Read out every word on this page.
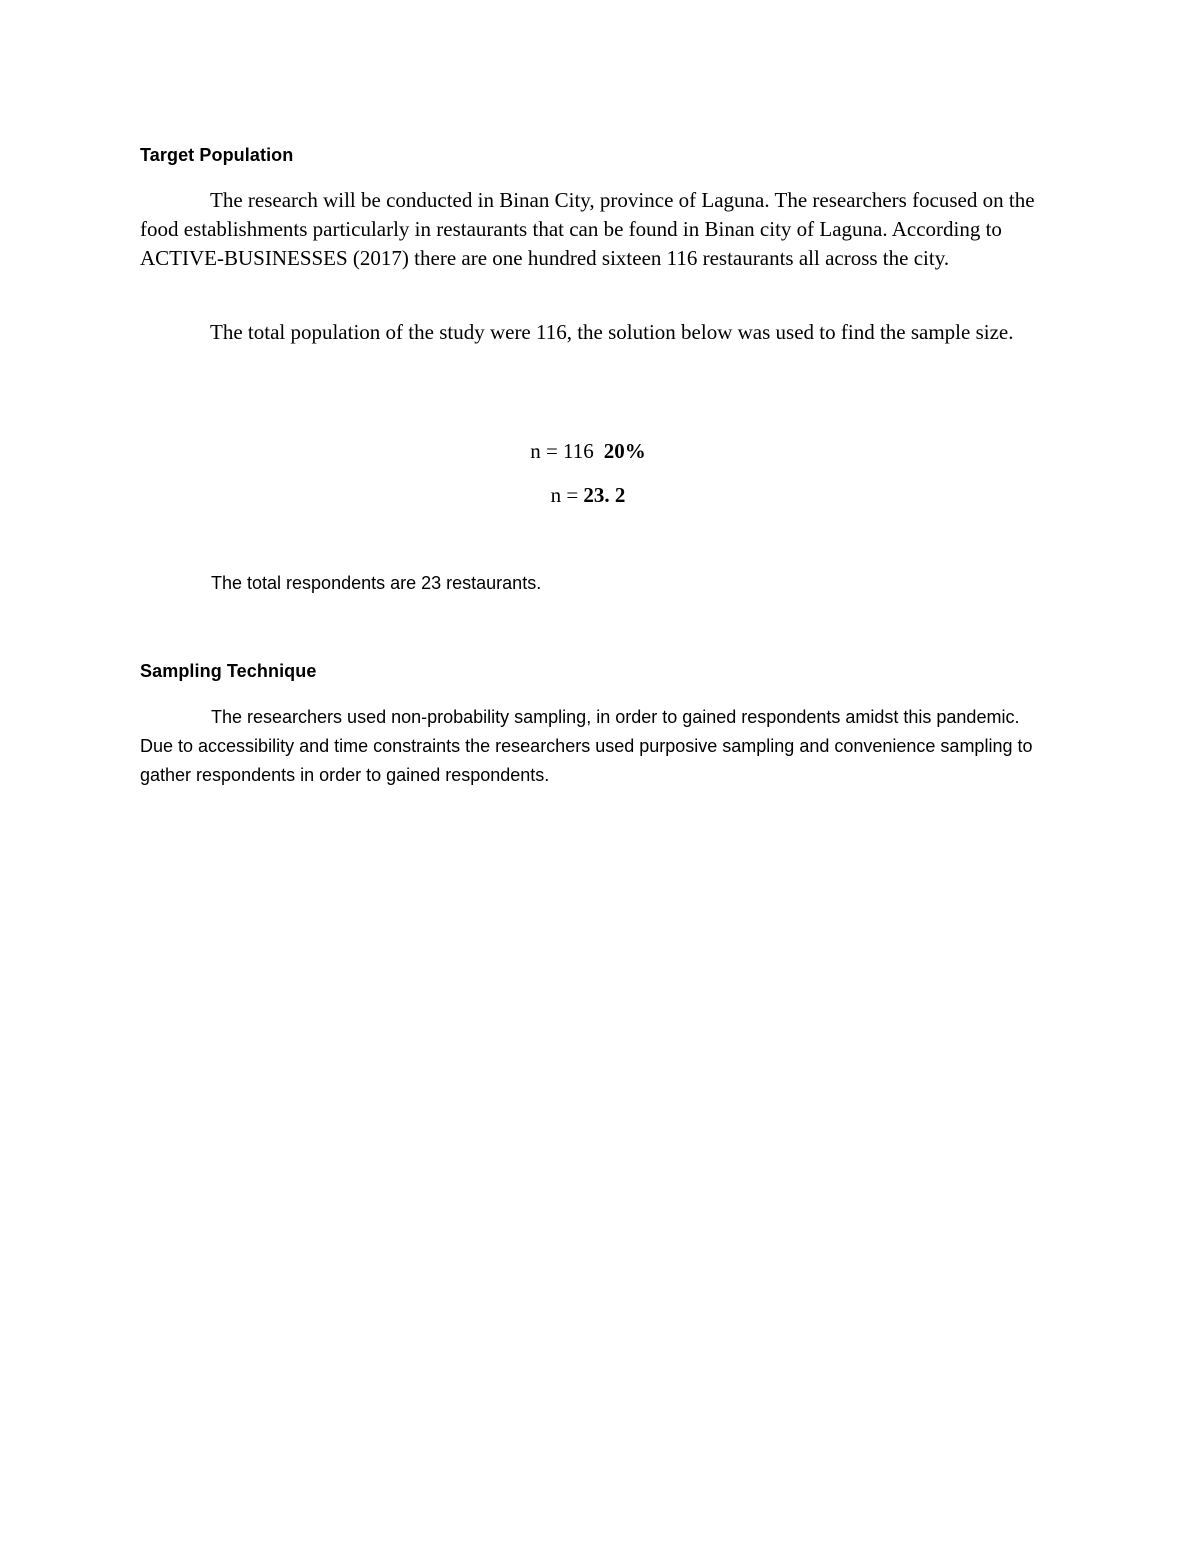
Target Population

The research will be conducted in Binan City, province of Laguna. The researchers focused on the food establishments particularly in restaurants that can be found in Binan city of Laguna. According to ACTIVE-BUSINESSES (2017) there are one hundred sixteen 116 restaurants all across the city.

The total population of the study were 116, the solution below was used to find the sample size.

n = 116 20%
n = 23. 2

The total respondents are 23 restaurants.

Sampling Technique

The researchers used non-probability sampling, in order to gained respondents amidst this pandemic. Due to accessibility and time constraints the researchers used purposive sampling and convenience sampling to gather respondents in order to gained respondents.
